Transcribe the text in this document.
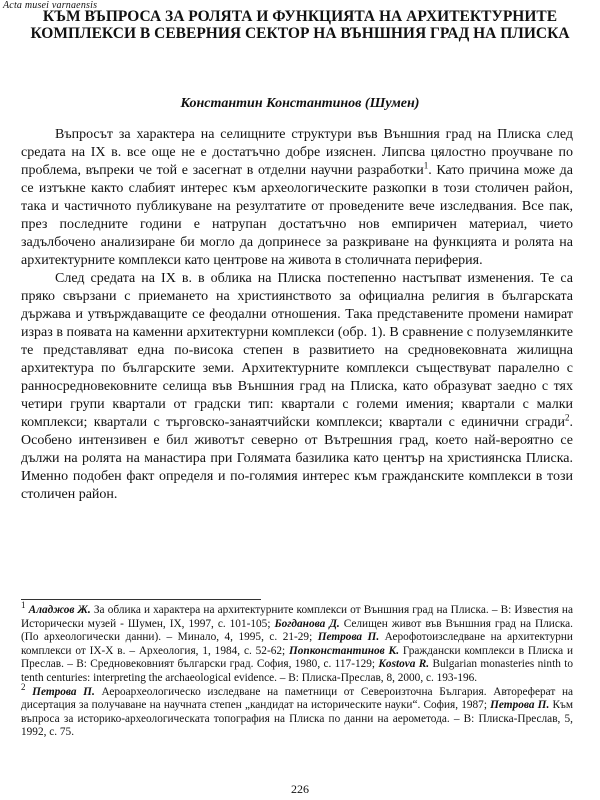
Acta musei varnaensis
КЪМ ВЪПРОСА ЗА РОЛЯТА И ФУНКЦИЯТА НА АРХИТЕКТУРНИТЕ КОМПЛЕКСИ В СЕВЕРНИЯ СЕКТОР НА ВЪНШНИЯ ГРАД НА ПЛИСКА
Константин Константинов (Шумен)

Въпросът за характера на селищните структури във Външния град на Плиска след средата на IX в. все още не е достатъчно добре изяснен. Липсва цялостно проучване по проблема, въпреки че той е засегнат в отделни научни разработки$^1$. Като причина може да се изтъкне както слабият интерес към археологическите разкопки в този столичен район, така и частичното публикуване на резултатите от проведените вече изследвания. Все пак, през последните години е натрупан достатъчно нов емпиричен материал, чието задълбочено анализиране би могло да допринесе за разкриване на функцията и ролята на архитектурните комплекси като центрове на живота в столичната периферия.

След средата на IX в. в облика на Плиска постепенно настъпват изменения. Те са пряко свързани с приемането на християнството за официална религия в българската държава и утвърждаващите се феодални отношения. Така представените промени намират израз в появата на каменни архитектурни комплекси (обр. 1). В сравнение с полуземлянките те представляват една по-висока степен в развитието на средновековната жилищна архитектура по българските земи. Архитектурните комплекси съществуват паралелно с ранносредновековните селища във Външния град на Плиска, като образуват заедно с тях четири групи квартали от градски тип: квартали с големи имения; квартали с малки комплекси; квартали с търговско-занаятчийски комплекси; квартали с единични сгради$^2$. Особено интензивен е бил животът северно от Вътрешния град, което най-вероятно се дължи на ролята на манастира при Голямата базилика като център на християнска Плиска. Именно подобен факт определя и по-голямия интерес към гражданските комплекси в този столичен район.

$^1$ Аладжов Ж. За облика и характера на архитектурните комплекси от Външния град на Плиска. – В: Известия на Исторически музей - Шумен, IX, 1997, с. 101-105; Богданова Д. Селищен живот във Външния град на Плиска. (По археологически данни). – Минало, 4, 1995, с. 21-29; Петрова П. Аерофотоизследване на архитектурни комплекси от IX-X в. – Археология, 1, 1984, с. 52-62; Попконстантинов К. Граждански комплекси в Плиска и Преслав. – В: Средновековният български град. София, 1980, с. 117-129; Kostova R. Bulgarian monasteries ninth to tenth centuries: interpreting the archaeological evidence. – В: Плиска-Преслав, 8, 2000, с. 193-196.

$^2$ Петрова П. Аероархеологическо изследване на паметници от Североизточна България. Автореферат на дисертация за получаване на научната степен „кандидат на историческите науки“. София, 1987; Петрова П. Към въпроса за историко-археологическата топография на Плиска по данни на аерометода. – В: Плиска-Преслав, 5, 1992, с. 75.

226
